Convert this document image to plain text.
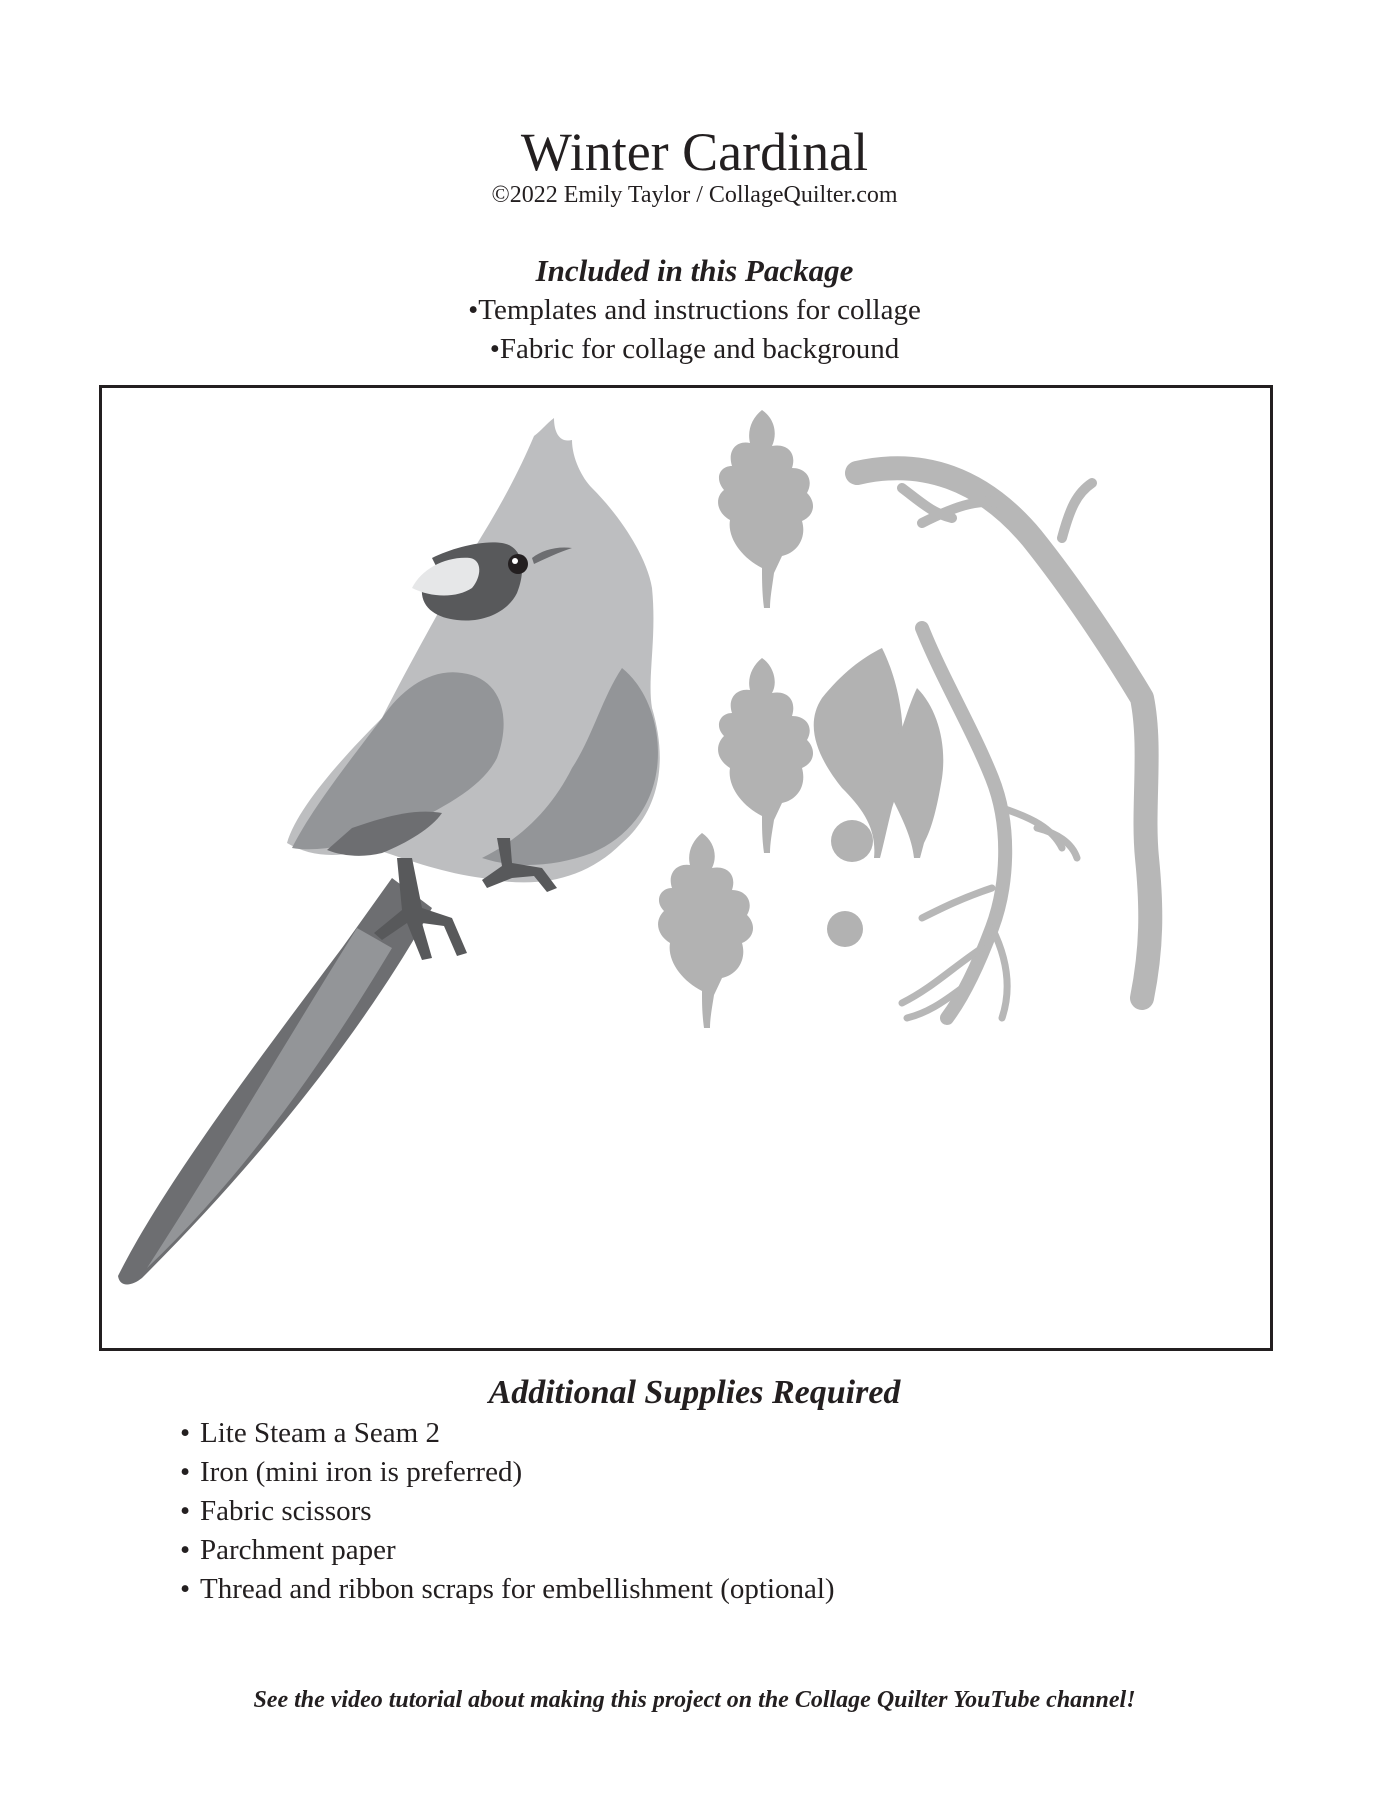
Winter Cardinal
©2022 Emily Taylor / CollageQuilter.com
Included in this Package
•Templates and instructions for collage
•Fabric for collage and background
Additional Supplies Required
• Lite Steam a Seam 2
• Iron (mini iron is preferred)
• Fabric scissors
• Parchment paper
• Thread and ribbon scraps for embellishment (optional)
See the video tutorial about making this project on the Collage Quilter YouTube channel!
